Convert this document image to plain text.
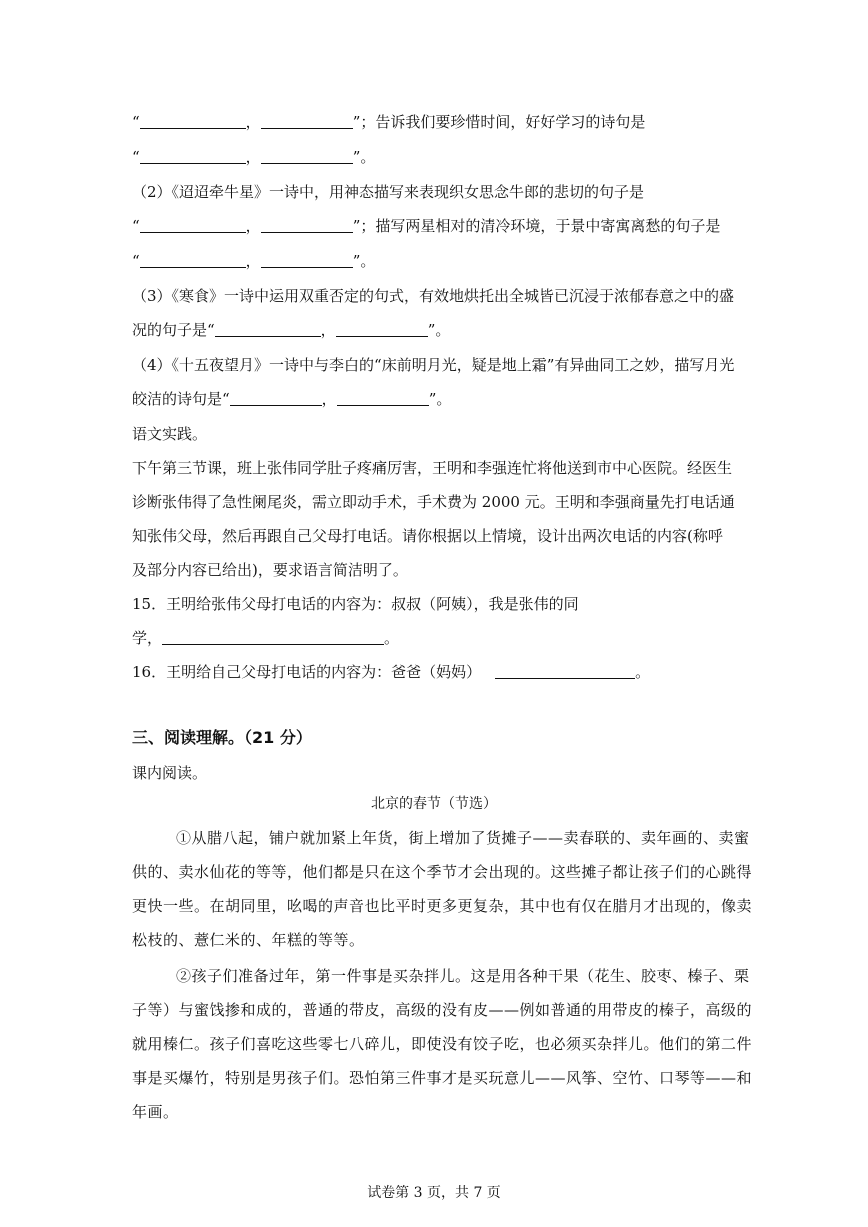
“	，	”；告诉我们要珍惜时间，好好学习的诗句是
“	，	”。
（2）《迢迢牵牛星》一诗中，用神态描写来表现织女思念牛郎的悲切的句子是
“	，	”；描写两星相对的清冷环境，于景中寄寓离愁的句子是
“	，	”。
（3）《寒食》一诗中运用双重否定的句式，有效地烘托出全城皆已沉浸于浓郁春意之中的盛
况的句子是“	，	”。
（4）《十五夜望月》一诗中与李白的“床前明月光，疑是地上霜”有异曲同工之妙，描写月光
皎洁的诗句是“	，	”。
语文实践。
下午第三节课，班上张伟同学肚子疼痛厉害，王明和李强连忙将他送到市中心医院。经医生
诊断张伟得了急性阑尾炎，需立即动手术，手术费为 2000 元。王明和李强商量先打电话通
知张伟父母，然后再跟自己父母打电话。请你根据以上情境，设计出两次电话的内容(称呼
及部分内容已给出)，要求语言简洁明了。
15．王明给张伟父母打电话的内容为：叔叔（阿姨），我是张伟的同
学，	。
16．王明给自己父母打电话的内容为：爸爸（妈妈）	。
三、阅读理解。（21 分）
课内阅读。
北京的春节（节选）
①从腊八起，铺户就加紧上年货，街上增加了货摊子——卖春联的、卖年画的、卖蜜
供的、卖水仙花的等等，他们都是只在这个季节才会出现的。这些摊子都让孩子们的心跳得
更快一些。在胡同里，吆喝的声音也比平时更多更复杂，其中也有仅在腊月才出现的，像卖
松枝的、薏仁米的、年糕的等等。
②孩子们准备过年，第一件事是买杂拌儿。这是用各种干果（花生、胶枣、榛子、栗
子等）与蜜饯掺和成的，普通的带皮，高级的没有皮——例如普通的用带皮的榛子，高级的
就用榛仁。孩子们喜吃这些零七八碎儿，即使没有饺子吃，也必须买杂拌儿。他们的第二件
事是买爆竹，特别是男孩子们。恐怕第三件事才是买玩意儿——风筝、空竹、口琴等——和
年画。
试卷第 3 页，共 7 页
